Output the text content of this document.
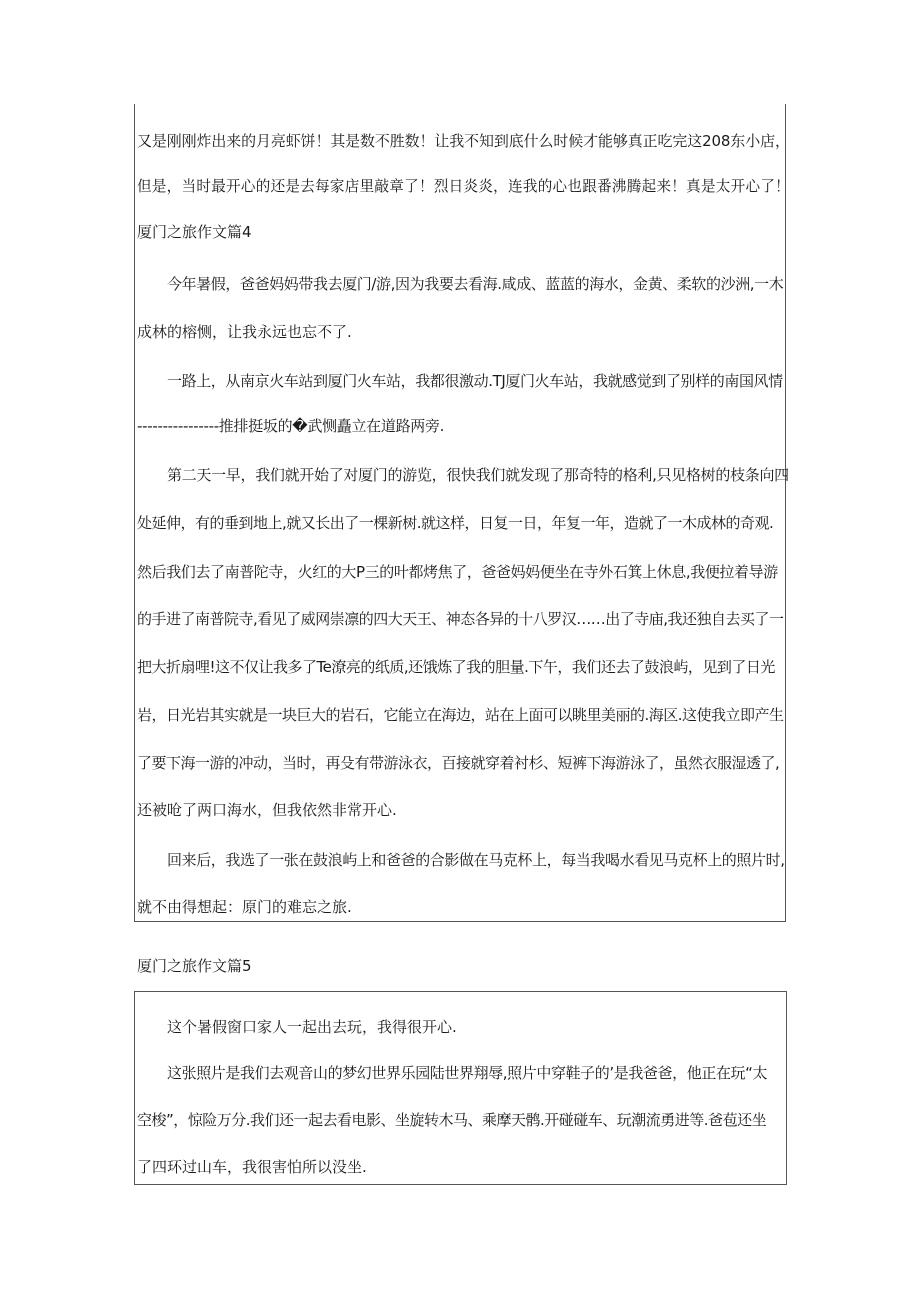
又是刚刚炸出来的月亮虾饼！其是数不胜数！让我不知到底什么时候才能够真正吃完这208东小店，
但是，当时最开心的还是去每家店里敲章了！烈日炎炎，连我的心也跟番沸腾起来！真是太开心了！
厦门之旅作文篇4
今年暑假，爸爸妈妈带我去厦门/游,因为我要去看海.咸成、蓝蓝的海水，金黄、柔软的沙洲,一木
成林的榕恻，让我永远也忘不了.
一路上，从南京火车站到厦门火车站，我都很激动.TJ厦门火车站，我就感觉到了别样的南国风情
----------------推排挺坂的�武恻矗立在道路两旁.
第二天一早，我们就开始了对厦门的游览，很快我们就发现了那奇特的格利,只见格树的枝条向四
处延伸，有的垂到地上,就又长出了一棵新树.就这样，日复一日，年复一年，造就了一木成林的奇观.
然后我们去了南普陀寺，火红的大P三的叶都烤焦了，爸爸妈妈便坐在寺外石箕上休息,我便拉着导游
的手进了南普院寺,看见了威网崇凛的四大天王、神态各异的十八罗汉……出了寺庙,我还独自去买了一
把大折扇哩!这不仅让我多了Te潦亮的纸质,还饿炼了我的胆量.下午，我们还去了鼓浪屿，见到了日光
岩，日光岩其实就是一块巨大的岩石，它能立在海边，站在上面可以眺里美丽的.海区.这使我立即产生
了要下海一游的冲动，当时，再殳有带游泳衣，百接就穿着衬杉、短裤下海游泳了，虽然衣服湿透了,
还被呛了两口海水，但我依然非常开心.
回来后，我选了一张在鼓浪屿上和爸爸的合影做在马克杯上，每当我喝水看见马克杯上的照片时,
就不由得想起：原门的难忘之旅.
厦门之旅作文篇5
这个暑假窗口家人一起出去玩，我得很开心.
这张照片是我们去观音山的梦幻世界乐园陆世界翔辱,照片中穿鞋子的’是我爸爸，他正在玩“太
空梭”，惊险万分.我们还一起去看电影、坐旋转木马、乘摩天鹘.开碰碰车、玩潮流勇进等.爸苞还坐
了四环过山车，我很害怕所以没坐.
